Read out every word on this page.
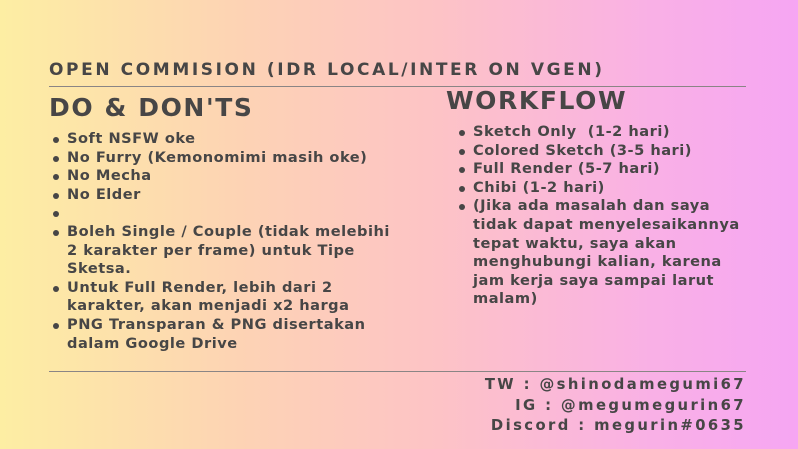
OPEN COMMISION (IDR LOCAL/INTER ON VGEN)
DO & DON'TS
Soft NSFW oke
No Furry (Kemonomimi masih oke)
No Mecha
No Elder
Boleh Single / Couple (tidak melebihi 2 karakter per frame) untuk Tipe Sketsa.
Untuk Full Render, lebih dari 2 karakter, akan menjadi x2 harga
PNG Transparan & PNG disertakan dalam Google Drive
WORKFLOW
Sketch Only  (1-2 hari)
Colored Sketch (3-5 hari)
Full Render (5-7 hari)
Chibi (1-2 hari)
(Jika ada masalah dan saya tidak dapat menyelesaikannya tepat waktu, saya akan menghubungi kalian, karena jam kerja saya sampai larut malam)
TW : @shinodamegumi67
IG : @megumegurin67
Discord : megurin#0635
